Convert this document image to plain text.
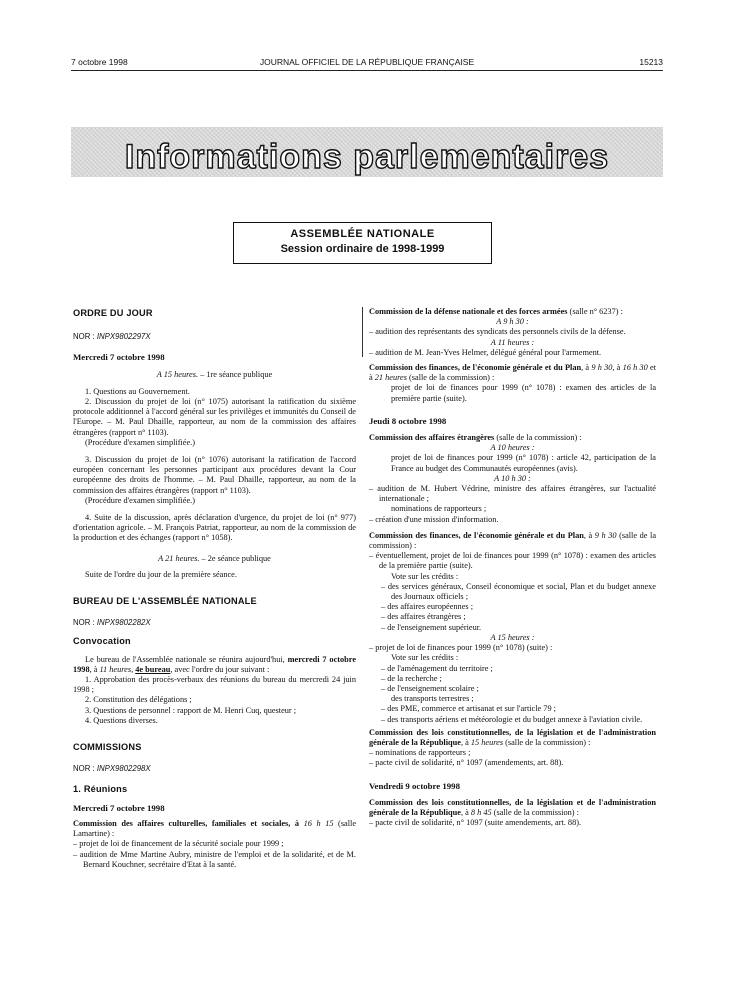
7 octobre 1998	JOURNAL OFFICIEL DE LA RÉPUBLIQUE FRANÇAISE	15213
Informations parlementaires
ASSEMBLÉE NATIONALE
Session ordinaire de 1998-1999

ORDRE DU JOUR

NOR : INPX9802297X

Mercredi 7 octobre 1998

A 15 heures. – 1re séance publique

1. Questions au Gouvernement.

2. Discussion du projet de loi (n° 1075) autorisant la ratification du sixième protocole additionnel à l'accord général sur les privilèges et immunités du Conseil de l'Europe. – M. Paul Dhaille, rapporteur, au nom de la commission des affaires étrangères (rapport n° 1103).

(Procédure d'examen simplifiée.)

3. Discussion du projet de loi (n° 1076) autorisant la ratification de l'accord européen concernant les personnes participant aux procédures devant la Cour européenne des droits de l'homme. – M. Paul Dhaille, rapporteur, au nom de la commission des affaires étrangères (rapport n° 1103).

(Procédure d'examen simplifiée.)

4. Suite de la discussion, après déclaration d'urgence, du projet de loi (n° 977) d'orientation agricole. – M. François Patriat, rapporteur, au nom de la commission de la production et des échanges (rapport n° 1058).

A 21 heures. – 2e séance publique

Suite de l'ordre du jour de la première séance.

BUREAU DE L'ASSEMBLÉE NATIONALE

NOR : INPX9802282X

Convocation

Le bureau de l'Assemblée nationale se réunira aujourd'hui, mercredi 7 octobre 1998, à 11 heures, 4e bureau, avec l'ordre du jour suivant :

1. Approbation des procès-verbaux des réunions du bureau du mercredi 24 juin 1998 ;

2. Constitution des délégations ;

3. Questions de personnel : rapport de M. Henri Cuq, questeur ;

4. Questions diverses.

COMMISSIONS

NOR : INPX9802298X

1. Réunions

Mercredi 7 octobre 1998

Commission des affaires culturelles, familiales et sociales, à 16 h 15 (salle Lamartine) :

– projet de loi de financement de la sécurité sociale pour 1999 ;

– audition de Mme Martine Aubry, ministre de l'emploi et de la solidarité, et de M. Bernard Kouchner, secrétaire d'Etat à la santé.

Commission de la défense nationale et des forces armées (salle n° 6237) :

A 9 h 30 :

– audition des représentants des syndicats des personnels civils de la défense.

A 11 heures :

– audition de M. Jean-Yves Helmer, délégué général pour l'armement.

Commission des finances, de l'économie générale et du Plan, à 9 h 30, à 16 h 30 et à 21 heures (salle de la commission) :

projet de loi de finances pour 1999 (n° 1078) : examen des articles de la première partie (suite).

Jeudi 8 octobre 1998

Commission des affaires étrangères (salle de la commission) :

A 10 heures :

projet de loi de finances pour 1999 (n° 1078) : article 42, participation de la France au budget des Communautés européennes (avis).

A 10 h 30 :

– audition de M. Hubert Védrine, ministre des affaires étrangères, sur l'actualité internationale ;

nominations de rapporteurs ;

– création d'une mission d'information.

Commission des finances, de l'économie générale et du Plan, à 9 h 30 (salle de la commission) :

– éventuellement, projet de loi de finances pour 1999 (n° 1078) : examen des articles de la première partie (suite).

Vote sur les crédits :

– des services généraux, Conseil économique et social, Plan et du budget annexe des Journaux officiels ;

– des affaires européennes ;

– des affaires étrangères ;

– de l'enseignement supérieur.

A 15 heures :

– projet de loi de finances pour 1999 (n° 1078) (suite) :

Vote sur les crédits :

– de l'aménagement du territoire ;

– de la recherche ;

– de l'enseignement scolaire ;

des transports terrestres ;

– des PME, commerce et artisanat et sur l'article 79 ;

– des transports aériens et météorologie et du budget annexe à l'aviation civile.

Commission des lois constitutionnelles, de la législation et de l'administration générale de la République, à 15 heures (salle de la commission) :

– nominations de rapporteurs ;

– pacte civil de solidarité, n° 1097 (amendements, art. 88).

Vendredi 9 octobre 1998

Commission des lois constitutionnelles, de la législation et de l'administration générale de la République, à 8 h 45 (salle de la commission) :

– pacte civil de solidarité, n° 1097 (suite amendements, art. 88).
